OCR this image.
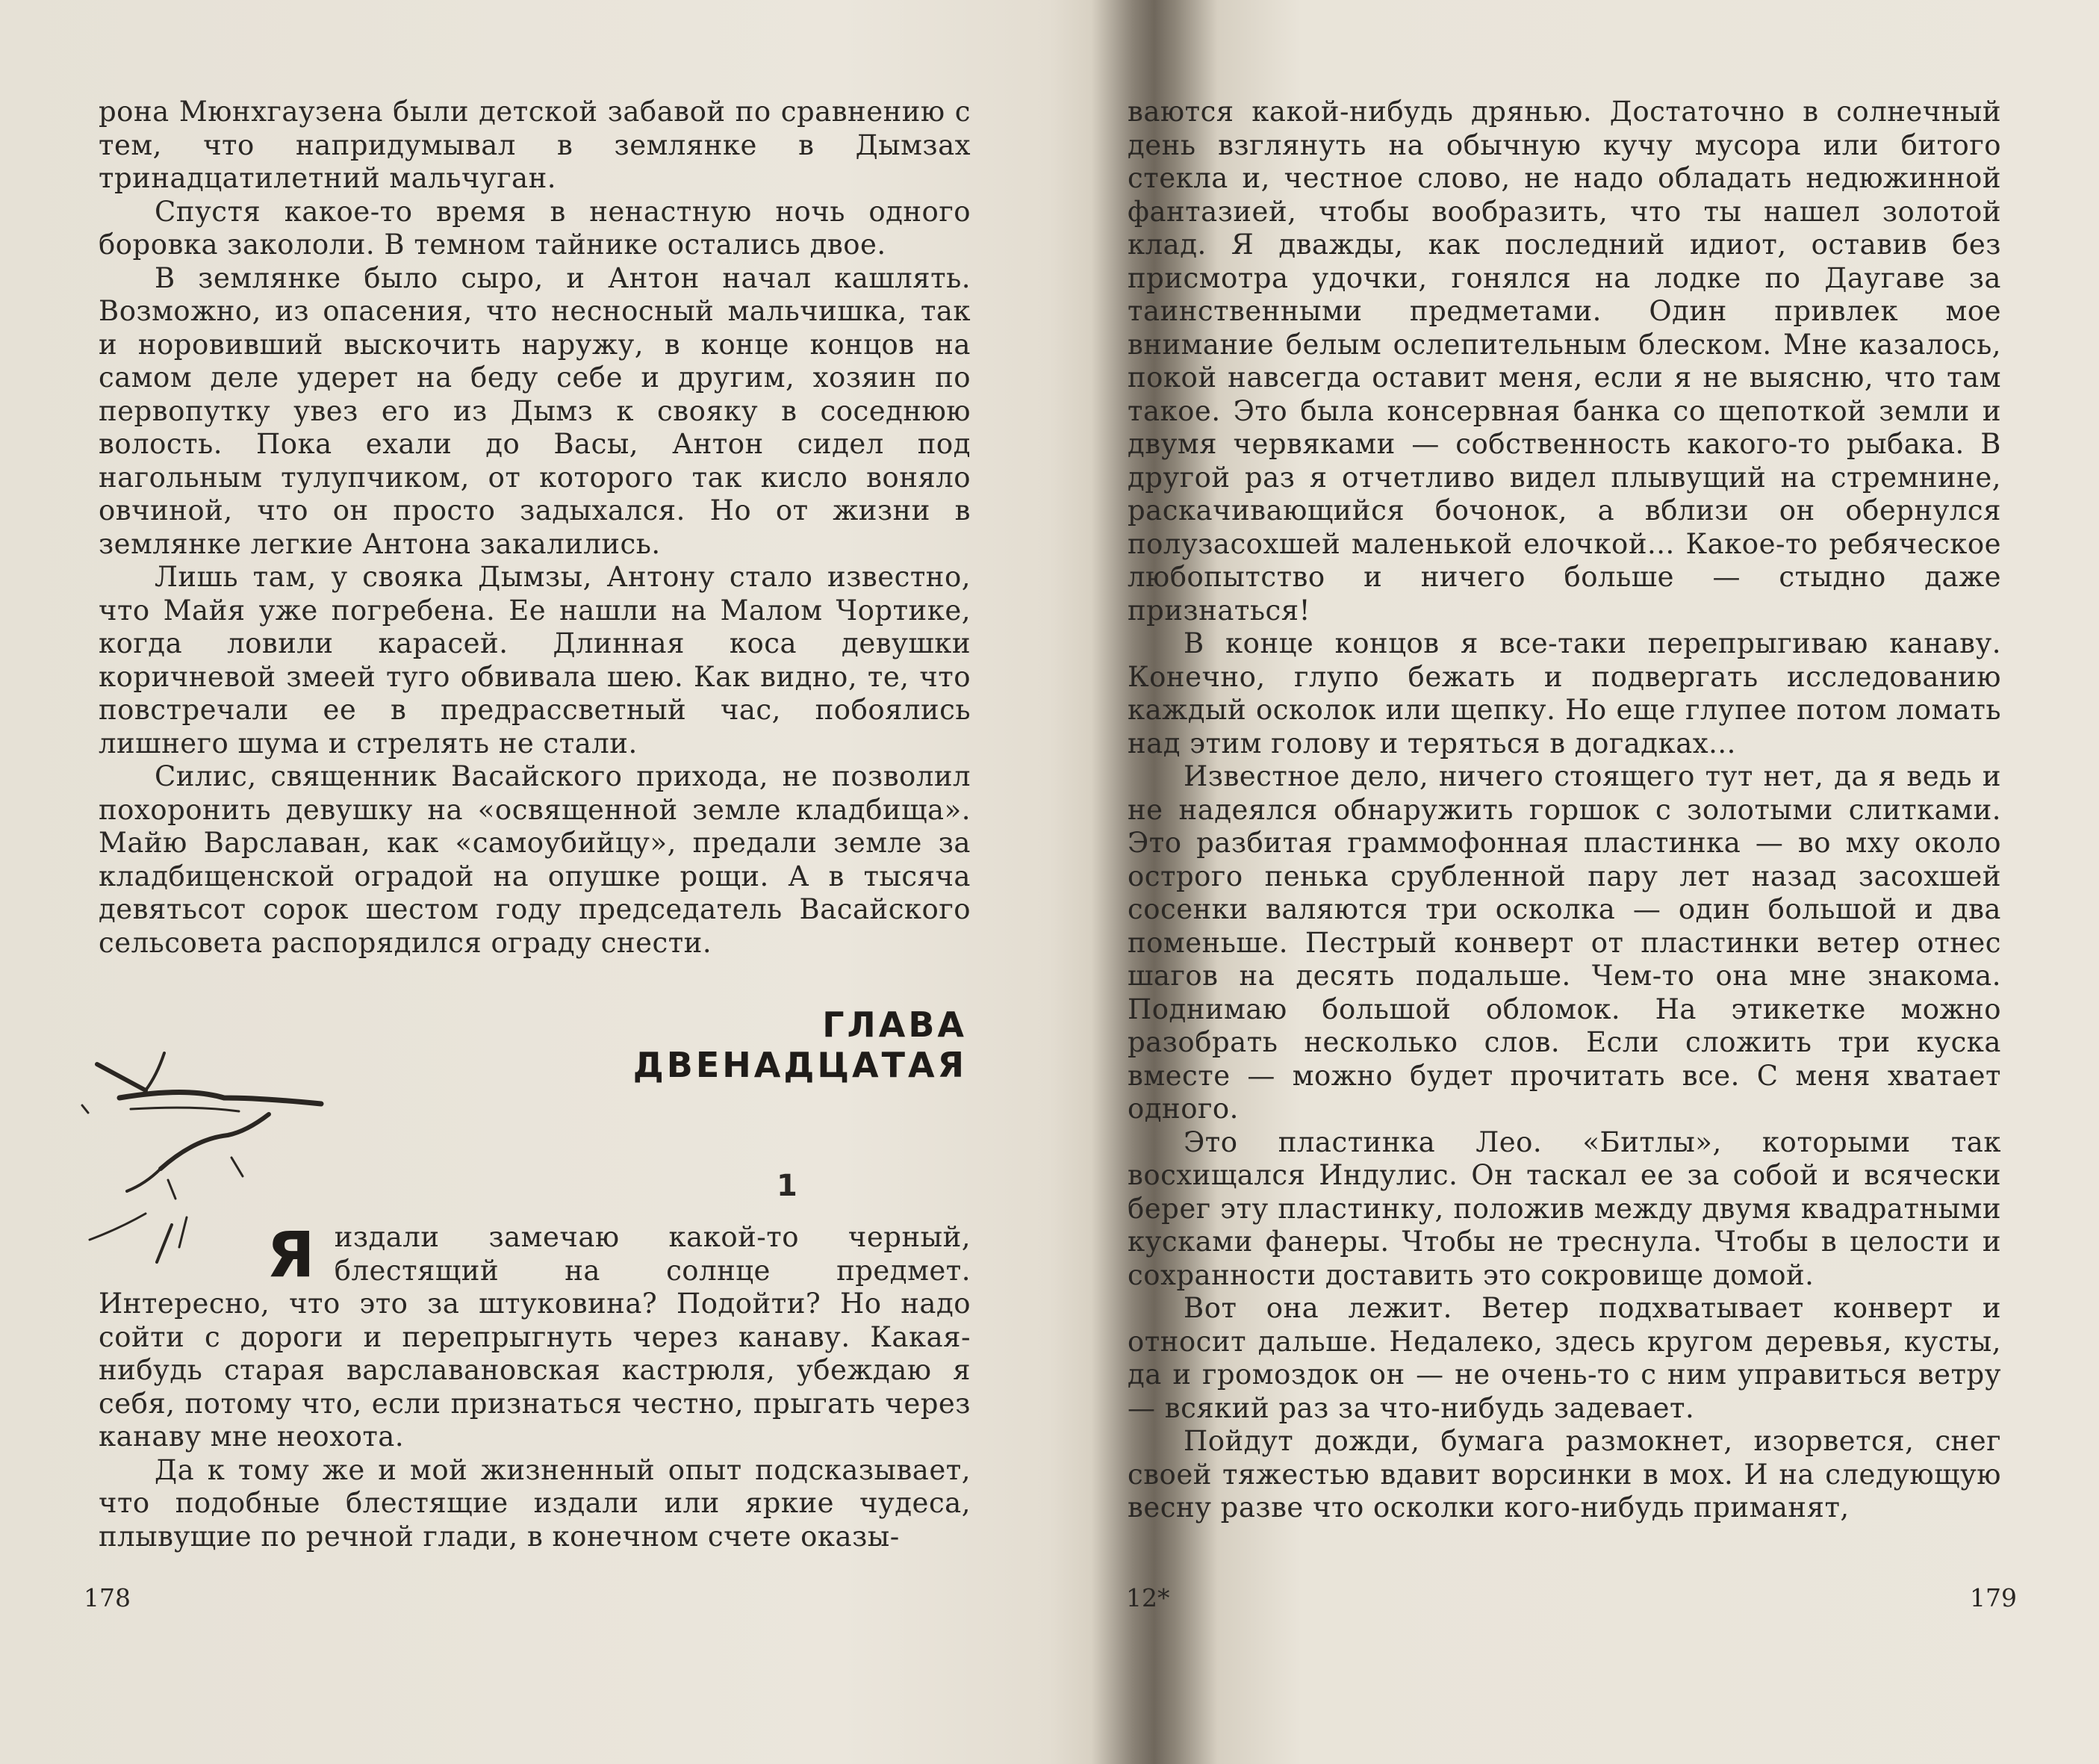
рона Мюнхгаузена были детской забавой по сравнению с тем, что напридумывал в землянке в Дымзах тринадцатилетний мальчуган.

Спустя какое-то время в ненастную ночь одного боровка закололи. В темном тайнике остались двое.

В землянке было сыро, и Антон начал кашлять. Возможно, из опасения, что несносный мальчишка, так и норовивший выскочить наружу, в конце концов на самом деле удерет на беду себе и другим, хозяин по первопутку увез его из Дымз к свояку в соседнюю волость. Пока ехали до Васы, Антон сидел под нагольным тулупчиком, от которого так кисло воняло овчиной, что он просто задыхался. Но от жизни в землянке легкие Антона закалились.

Лишь там, у свояка Дымзы, Антону стало известно, что Майя уже погребена. Ее нашли на Малом Чортике, когда ловили карасей. Длинная коса девушки коричневой змеей туго обвивала шею. Как видно, те, что повстречали ее в предрассветный час, побоялись лишнего шума и стрелять не стали.

Силис, священник Васайского прихода, не позволил похоронить девушку на «освященной земле кладбища». Майю Варславан, как «самоубийцу», предали земле за кладбищенской оградой на опушке рощи. А в тысяча девятьсот сорок шестом году председатель Васайского сельсовета распорядился ограду снести.

ГЛАВА ДВЕНАДЦАТАЯ
1
Я издали замечаю какой-то черный, блестящий на солнце предмет. Интересно, что это за штуковина? Подойти? Но надо сойти с дороги и перепрыгнуть через канаву. Какая-нибудь старая варславановская кастрюля, убеждаю я себя, потому что, если признаться честно, прыгать через канаву мне неохота.

Да к тому же и мой жизненный опыт подсказывает, что подобные блестящие издали или яркие чудеса, плывущие по речной глади, в конечном счете оказы-

178

ваются какой-нибудь дрянью. Достаточно в солнечный день взглянуть на обычную кучу мусора или битого стекла и, честное слово, не надо обладать недюжинной фантазией, чтобы вообразить, что ты нашел золотой клад. Я дважды, как последний идиот, оставив без присмотра удочки, гонялся на лодке по Даугаве за таинственными предметами. Один привлек мое внимание белым ослепительным блеском. Мне казалось, покой навсегда оставит меня, если я не выясню, что там такое. Это была консервная банка со щепоткой земли и двумя червяками — собственность какого-то рыбака. В другой раз я отчетливо видел плывущий на стремнине, раскачивающийся бочонок, а вблизи он обернулся полузасохшей маленькой елочкой... Какое-то ребяческое любопытство и ничего больше — стыдно даже признаться!

В конце концов я все-таки перепрыгиваю канаву. Конечно, глупо бежать и подвергать исследованию каждый осколок или щепку. Но еще глупее потом ломать над этим голову и теряться в догадках...

Известное дело, ничего стоящего тут нет, да я ведь и не надеялся обнаружить горшок с золотыми слитками. Это разбитая граммофонная пластинка — во мху около острого пенька срубленной пару лет назад засохшей сосенки валяются три осколка — один большой и два поменьше. Пестрый конверт от пластинки ветер отнес шагов на десять подальше. Чем-то она мне знакома. Поднимаю большой обломок. На этикетке можно разобрать несколько слов. Если сложить три куска вместе — можно будет прочитать все. С меня хватает одного.

Это пластинка Лео. «Битлы», которыми так восхищался Индулис. Он таскал ее за собой и всячески берег эту пластинку, положив между двумя квадратными кусками фанеры. Чтобы не треснула. Чтобы в целости и сохранности доставить это сокровище домой.

Вот она лежит. Ветер подхватывает конверт и относит дальше. Недалеко, здесь кругом деревья, кусты, да и громоздок он — не очень-то с ним управиться ветру — всякий раз за что-нибудь задевает.

Пойдут дожди, бумага размокнет, изорвется, снег своей тяжестью вдавит ворсинки в мох. И на следующую весну разве что осколки кого-нибудь приманят,

12*	179
